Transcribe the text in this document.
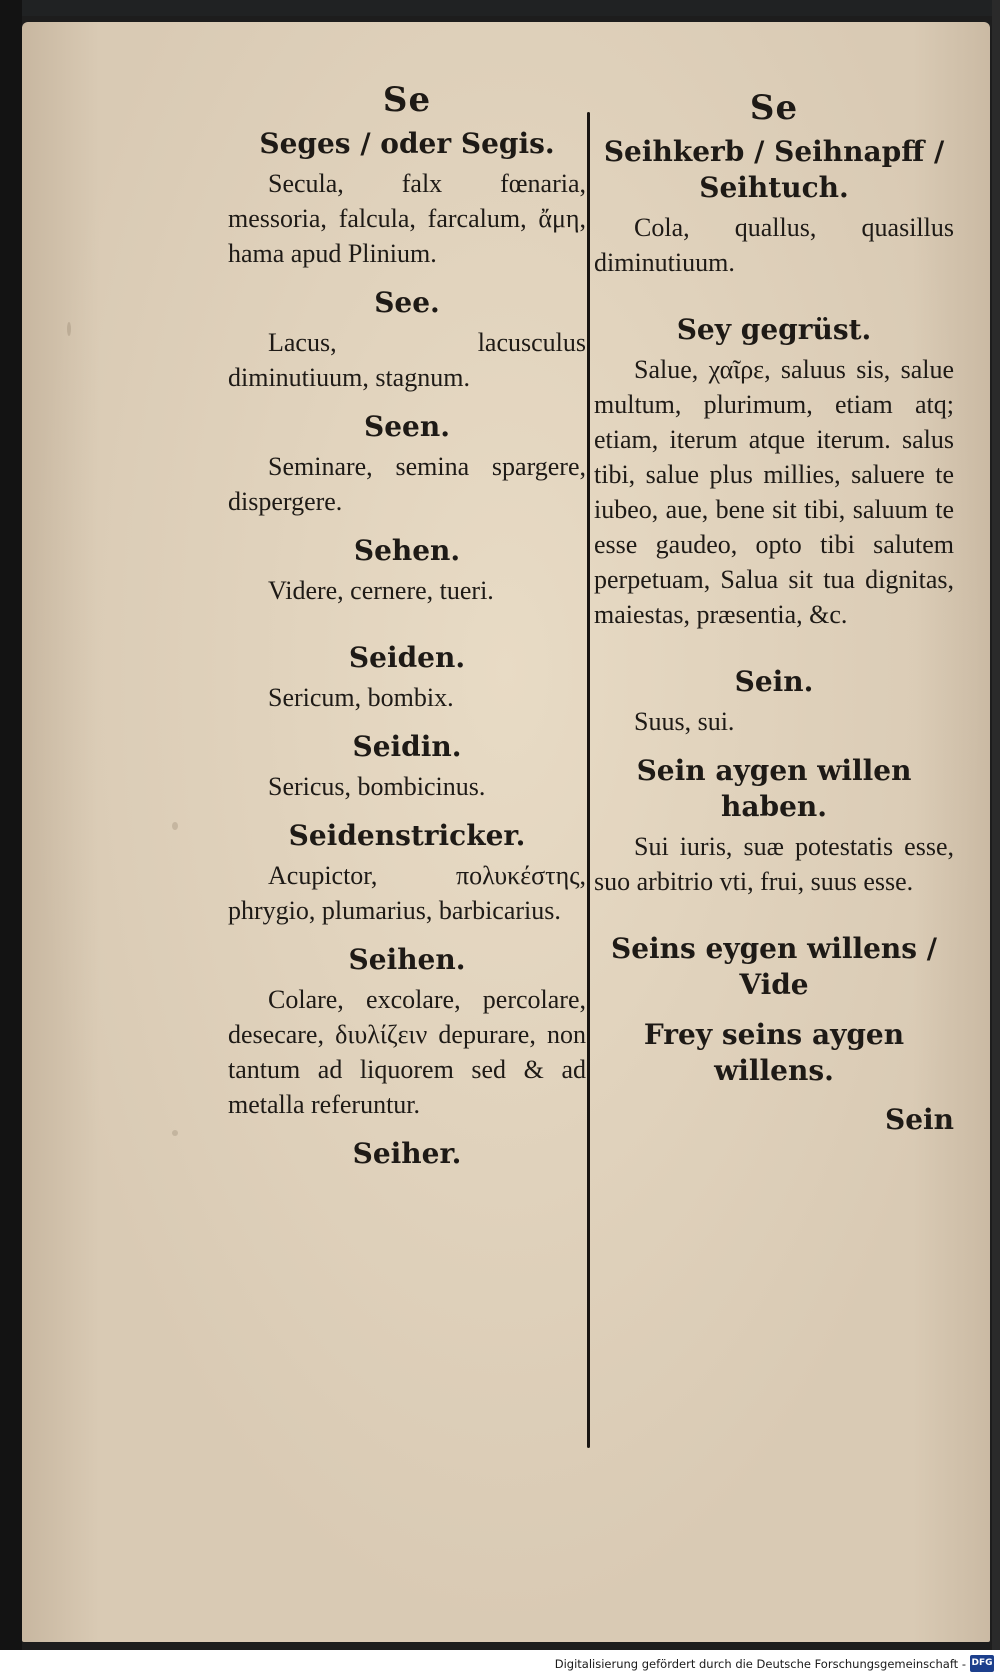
Se
Seges / oder Segis.
Secula, falx fœnaria, messoria, falcula, farcalum, ἄμη, hama apud Plinium.
See.
Lacus, lacusculus diminutiuum, stagnum.
Seen.
Seminare, semina spargere, dispergere.
Sehen.
Videre, cernere, tueri.
Seiden.
Sericum, bombix.
Seidin.
Sericus, bombicinus.
Seidenstricker.
Acupictor, πολυκέστης, phrygio, plumarius, barbicarius.
Seihen.
Colare, excolare, percolare, desecare, διυλίζειν depurare, non tantum ad liquorem sed & ad metalla referuntur.
Seiher.
Se
Seihkerb / Seihnapff / Seihtuch.
Cola, quallus, quasillus diminutiuum.
Sey gegrüst.
Salue, χαῖρε, saluus sis, salue multum, plurimum, etiam atq; etiam, iterum atque iterum. salus tibi, salue plus millies, saluere te iubeo, aue, bene sit tibi, saluum te esse gaudeo, opto tibi salutem perpetuam, Salua sit tua dignitas, maiestas, præsentia, &c.
Sein.
Suus, sui.
Sein aygen willen haben.
Sui iuris, suæ potestatis esse, suo arbitrio vti, frui, suus esse.
Seins eygen willens / Vide
Frey seins aygen willens.
Sein
Digitalisierung gefördert durch die Deutsche Forschungsgemeinschaft - DFG
